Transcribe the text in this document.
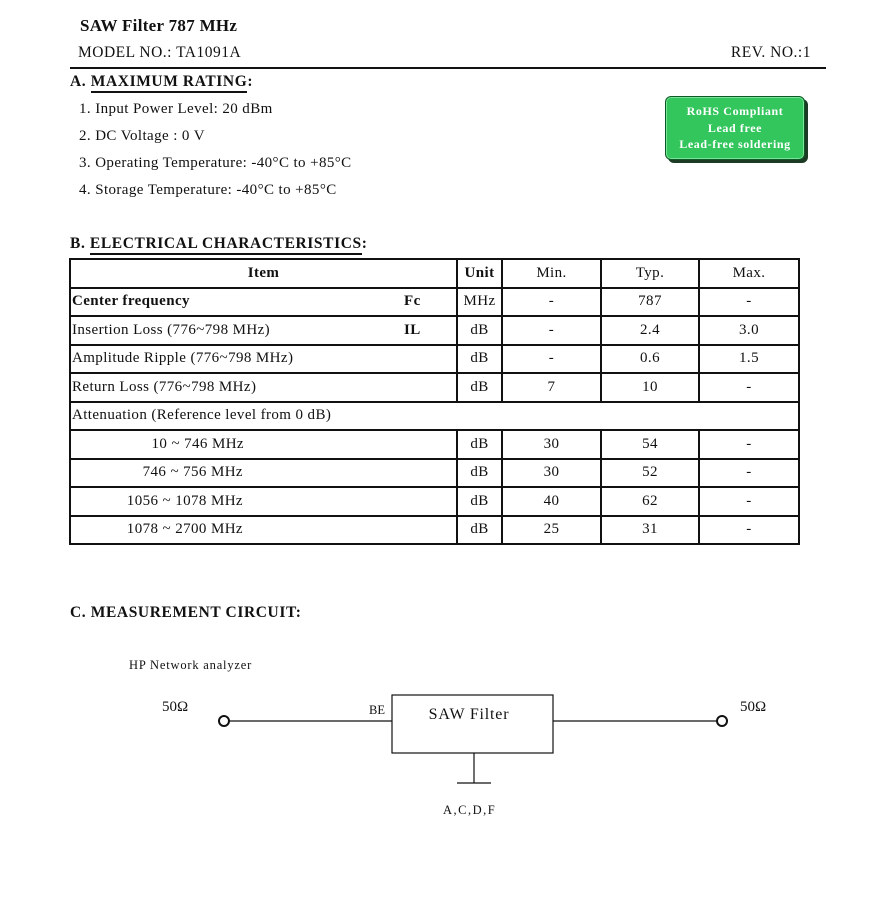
SAW Filter 787 MHz
MODEL NO.: TA1091A	REV. NO.:1
A. MAXIMUM RATING:
1. Input Power Level: 20 dBm
2. DC Voltage : 0 V
3. Operating Temperature: -40°C to +85°C
4. Storage Temperature: -40°C to +85°C
RoHS Compliant
Lead free
Lead-free soldering
B. ELECTRICAL CHARACTERISTICS:
Item		Unit	Min.	Typ.	Max.
Center frequency	Fc	MHz	-	787	-
Insertion Loss (776~798 MHz)	IL	dB	-	2.4	3.0
Amplitude Ripple (776~798 MHz)		dB	-	0.6	1.5
Return Loss (776~798 MHz)		dB	7	10	-
Attenuation (Reference level from 0 dB)					
10 ~ 746 MHz		dB	30	54	-
746 ~ 756 MHz		dB	30	52	-
1056 ~ 1078 MHz		dB	40	62	-
1078 ~ 2700 MHz		dB	25	31	-
C. MEASUREMENT CIRCUIT:
HP Network analyzer
50Ω	50Ω
BE	SAW Filter
A,C,D,F
